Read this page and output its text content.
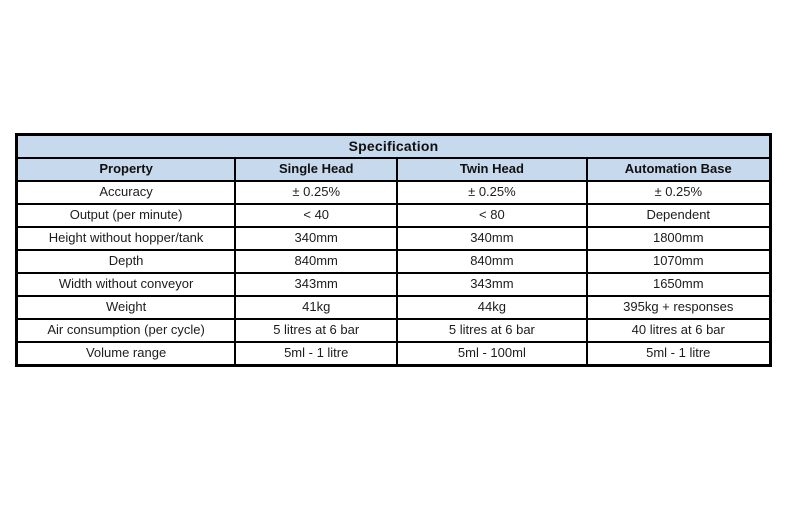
Specification			
Property	Single Head	Twin Head	Automation Base
Accuracy	± 0.25%	± 0.25%	± 0.25%
Output (per minute)	< 40	< 80	Dependent
Height without hopper/tank	340mm	340mm	1800mm
Depth	840mm	840mm	1070mm
Width without conveyor	343mm	343mm	1650mm
Weight	41kg	44kg	395kg + responses
Air consumption (per cycle)	5 litres at 6 bar	5 litres at 6 bar	40 litres at 6 bar
Volume range	5ml - 1 litre	5ml - 100ml	5ml - 1 litre
